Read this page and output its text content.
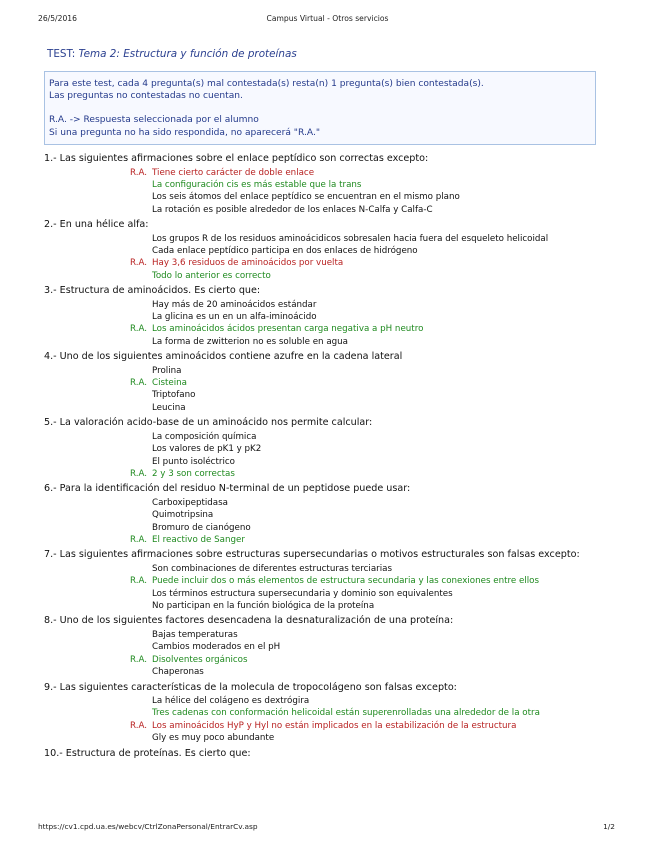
26/5/2016	Campus Virtual - Otros servicios
TEST: Tema 2: Estructura y función de proteínas
Para este test, cada 4 pregunta(s) mal contestada(s) resta(n) 1 pregunta(s) bien contestada(s).
Las preguntas no contestadas no cuentan.
R.A. -> Respuesta seleccionada por el alumno
Si una pregunta no ha sido respondida, no aparecerá "R.A."
1.- Las siguientes afirmaciones sobre el enlace peptídico son correctas excepto:
R.A. Tiene cierto carácter de doble enlace
La configuración cis es más estable que la trans
Los seis átomos del enlace peptídico se encuentran en el mismo plano
La rotación es posible alrededor de los enlaces N-Calfa y Calfa-C
2.- En una hélice alfa:
Los grupos R de los residuos aminoácidicos sobresalen hacia fuera del esqueleto helicoidal
Cada enlace peptídico participa en dos enlaces de hidrógeno
R.A. Hay 3,6 residuos de aminoácidos por vuelta
Todo lo anterior es correcto
3.- Estructura de aminoácidos. Es cierto que:
Hay más de 20 aminoácidos estándar
La glicina es un en un alfa-iminoácido
R.A. Los aminoácidos ácidos presentan carga negativa a pH neutro
La forma de zwitterion no es soluble en agua
4.- Uno de los siguientes aminoácidos contiene azufre en la cadena lateral
Prolina
R.A. Cisteina
Triptofano
Leucina
5.- La valoración acido-base de un aminoácido nos permite calcular:
La composición química
Los valores de pK1 y pK2
El punto isoléctrico
R.A. 2 y 3 son correctas
6.- Para la identificación del residuo N-terminal de un peptidose puede usar:
Carboxipeptidasa
Quimotripsina
Bromuro de cianógeno
R.A. El reactivo de Sanger
7.- Las siguientes afirmaciones sobre estructuras supersecundarias o motivos estructurales son falsas excepto:
Son combinaciones de diferentes estructuras terciarias
R.A. Puede incluir dos o más elementos de estructura secundaria y las conexiones entre ellos
Los términos estructura supersecundaria y dominio son equivalentes
No participan en la función biológica de la proteína
8.- Uno de los siguientes factores desencadena la desnaturalización de una proteína:
Bajas temperaturas
Cambios moderados en el pH
R.A. Disolventes orgánicos
Chaperonas
9.- Las siguientes características de la molecula de tropocolágeno son falsas excepto:
La hélice del colágeno es dextrógira
Tres cadenas con conformación helicoidal están superenrolladas una alrededor de la otra
R.A. Los aminoácidos HyP y Hyl no están implicados en la estabilización de la estructura
Gly es muy poco abundante
10.- Estructura de proteínas. Es cierto que:
https://cv1.cpd.ua.es/webcv/CtrlZonaPersonal/EntrarCv.asp	1/2
